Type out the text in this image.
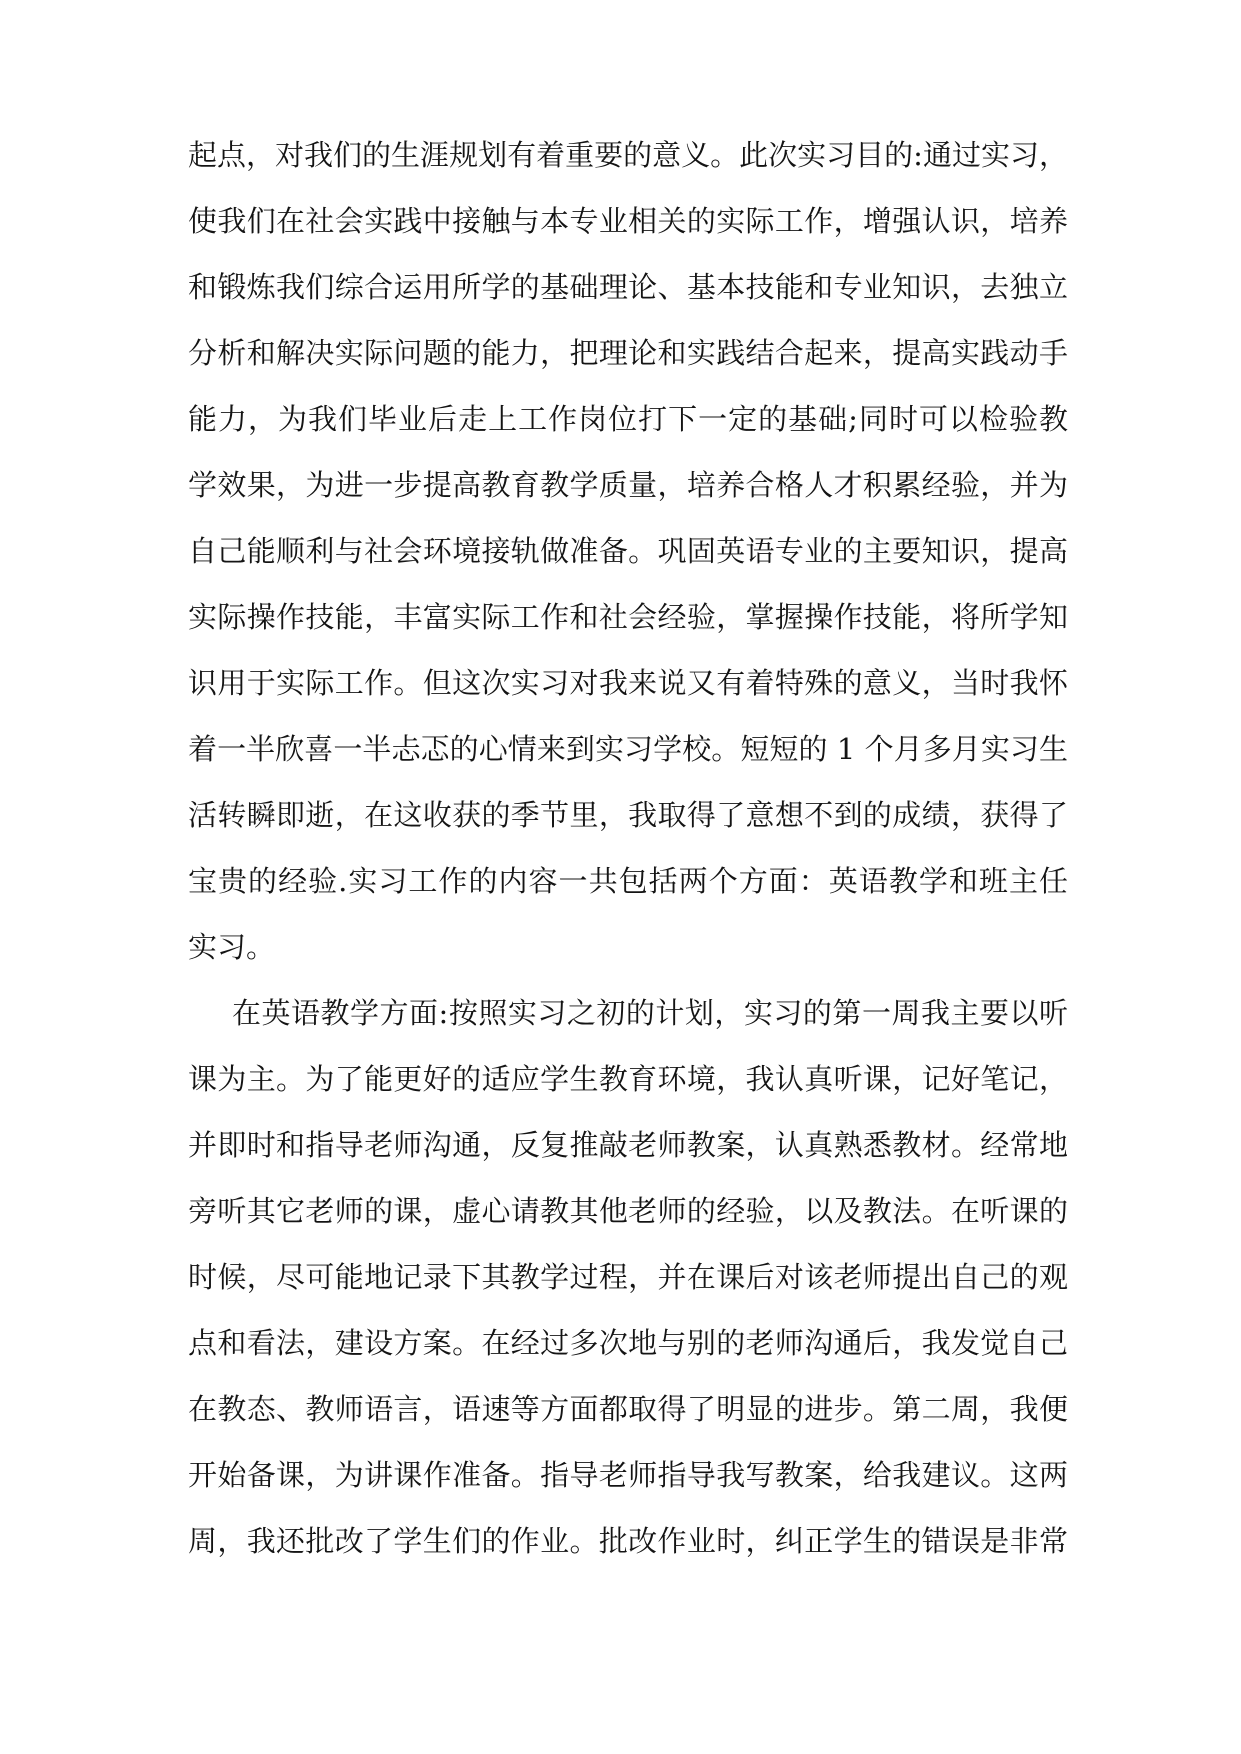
起点，对我们的生涯规划有着重要的意义。此次实习目的:通过实习，
使我们在社会实践中接触与本专业相关的实际工作，增强认识，培养
和锻炼我们综合运用所学的基础理论、基本技能和专业知识，去独立
分析和解决实际问题的能力，把理论和实践结合起来，提高实践动手
能力，为我们毕业后走上工作岗位打下一定的基础;同时可以检验教
学效果，为进一步提高教育教学质量，培养合格人才积累经验，并为
自己能顺利与社会环境接轨做准备。巩固英语专业的主要知识，提高
实际操作技能，丰富实际工作和社会经验，掌握操作技能，将所学知
识用于实际工作。但这次实习对我来说又有着特殊的意义，当时我怀
着一半欣喜一半忐忑的心情来到实习学校。短短的 1 个月多月实习生
活转瞬即逝，在这收获的季节里，我取得了意想不到的成绩，获得了
宝贵的经验.实习工作的内容一共包括两个方面：英语教学和班主任
实习。
在英语教学方面:按照实习之初的计划，实习的第一周我主要以听
课为主。为了能更好的适应学生教育环境，我认真听课，记好笔记，
并即时和指导老师沟通，反复推敲老师教案，认真熟悉教材。经常地
旁听其它老师的课，虚心请教其他老师的经验，以及教法。在听课的
时候，尽可能地记录下其教学过程，并在课后对该老师提出自己的观
点和看法，建设方案。在经过多次地与别的老师沟通后，我发觉自己
在教态、教师语言，语速等方面都取得了明显的进步。第二周，我便
开始备课，为讲课作准备。指导老师指导我写教案，给我建议。这两
周，我还批改了学生们的作业。批改作业时，纠正学生的错误是非常
